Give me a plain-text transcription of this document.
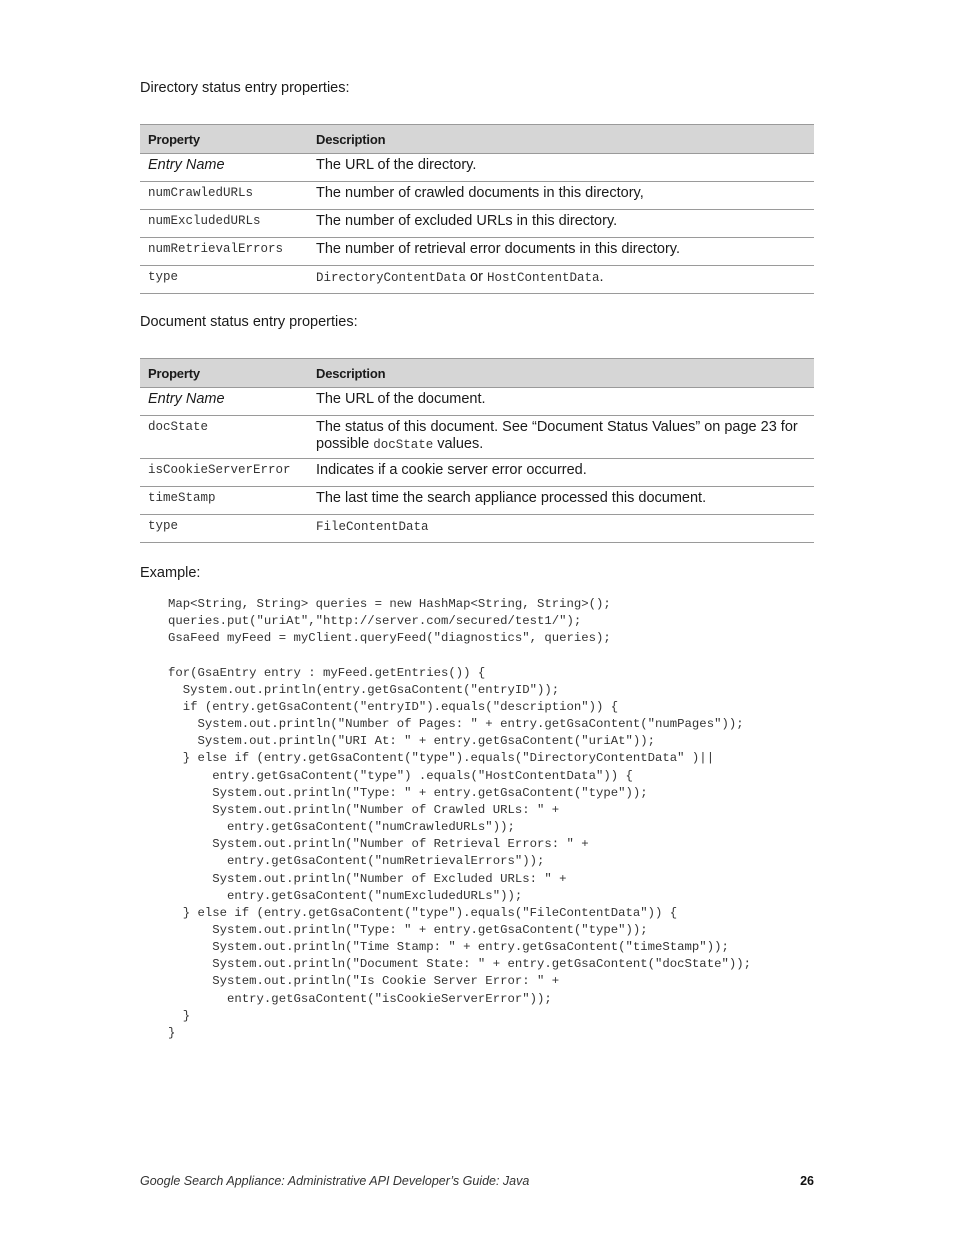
Directory status entry properties:
Property	Description
Entry Name	The URL of the directory.
numCrawledURLs	The number of crawled documents in this directory,
numExcludedURLs	The number of excluded URLs in this directory.
numRetrievalErrors	The number of retrieval error documents in this directory.
type	DirectoryContentData or HostContentData.
Document status entry properties:
Property	Description
Entry Name	The URL of the document.
docState	The status of this document. See “Document Status Values” on page 23 for possible docState values.
isCookieServerError	Indicates if a cookie server error occurred.
timeStamp	The last time the search appliance processed this document.
type	FileContentData
Example:
Map<String, String> queries = new HashMap<String, String>();
queries.put("uriAt","http://server.com/secured/test1/");
GsaFeed myFeed = myClient.queryFeed("diagnostics", queries);

for(GsaEntry entry : myFeed.getEntries()) {
System.out.println(entry.getGsaContent("entryID"));
if (entry.getGsaContent("entryID").equals("description")) {
System.out.println("Number of Pages: " + entry.getGsaContent("numPages"));
System.out.println("URI At: " + entry.getGsaContent("uriAt"));
} else if (entry.getGsaContent("type").equals("DirectoryContentData" )||
entry.getGsaContent("type") .equals("HostContentData")) {
System.out.println("Type: " + entry.getGsaContent("type"));
System.out.println("Number of Crawled URLs: " +
entry.getGsaContent("numCrawledURLs"));
System.out.println("Number of Retrieval Errors: " +
entry.getGsaContent("numRetrievalErrors"));
System.out.println("Number of Excluded URLs: " +
entry.getGsaContent("numExcludedURLs"));
} else if (entry.getGsaContent("type").equals("FileContentData")) {
System.out.println("Type: " + entry.getGsaContent("type"));
System.out.println("Time Stamp: " + entry.getGsaContent("timeStamp"));
System.out.println("Document State: " + entry.getGsaContent("docState"));
System.out.println("Is Cookie Server Error: " +
entry.getGsaContent("isCookieServerError"));
}
}
Google Search Appliance: Administrative API Developer’s Guide: Java	26
